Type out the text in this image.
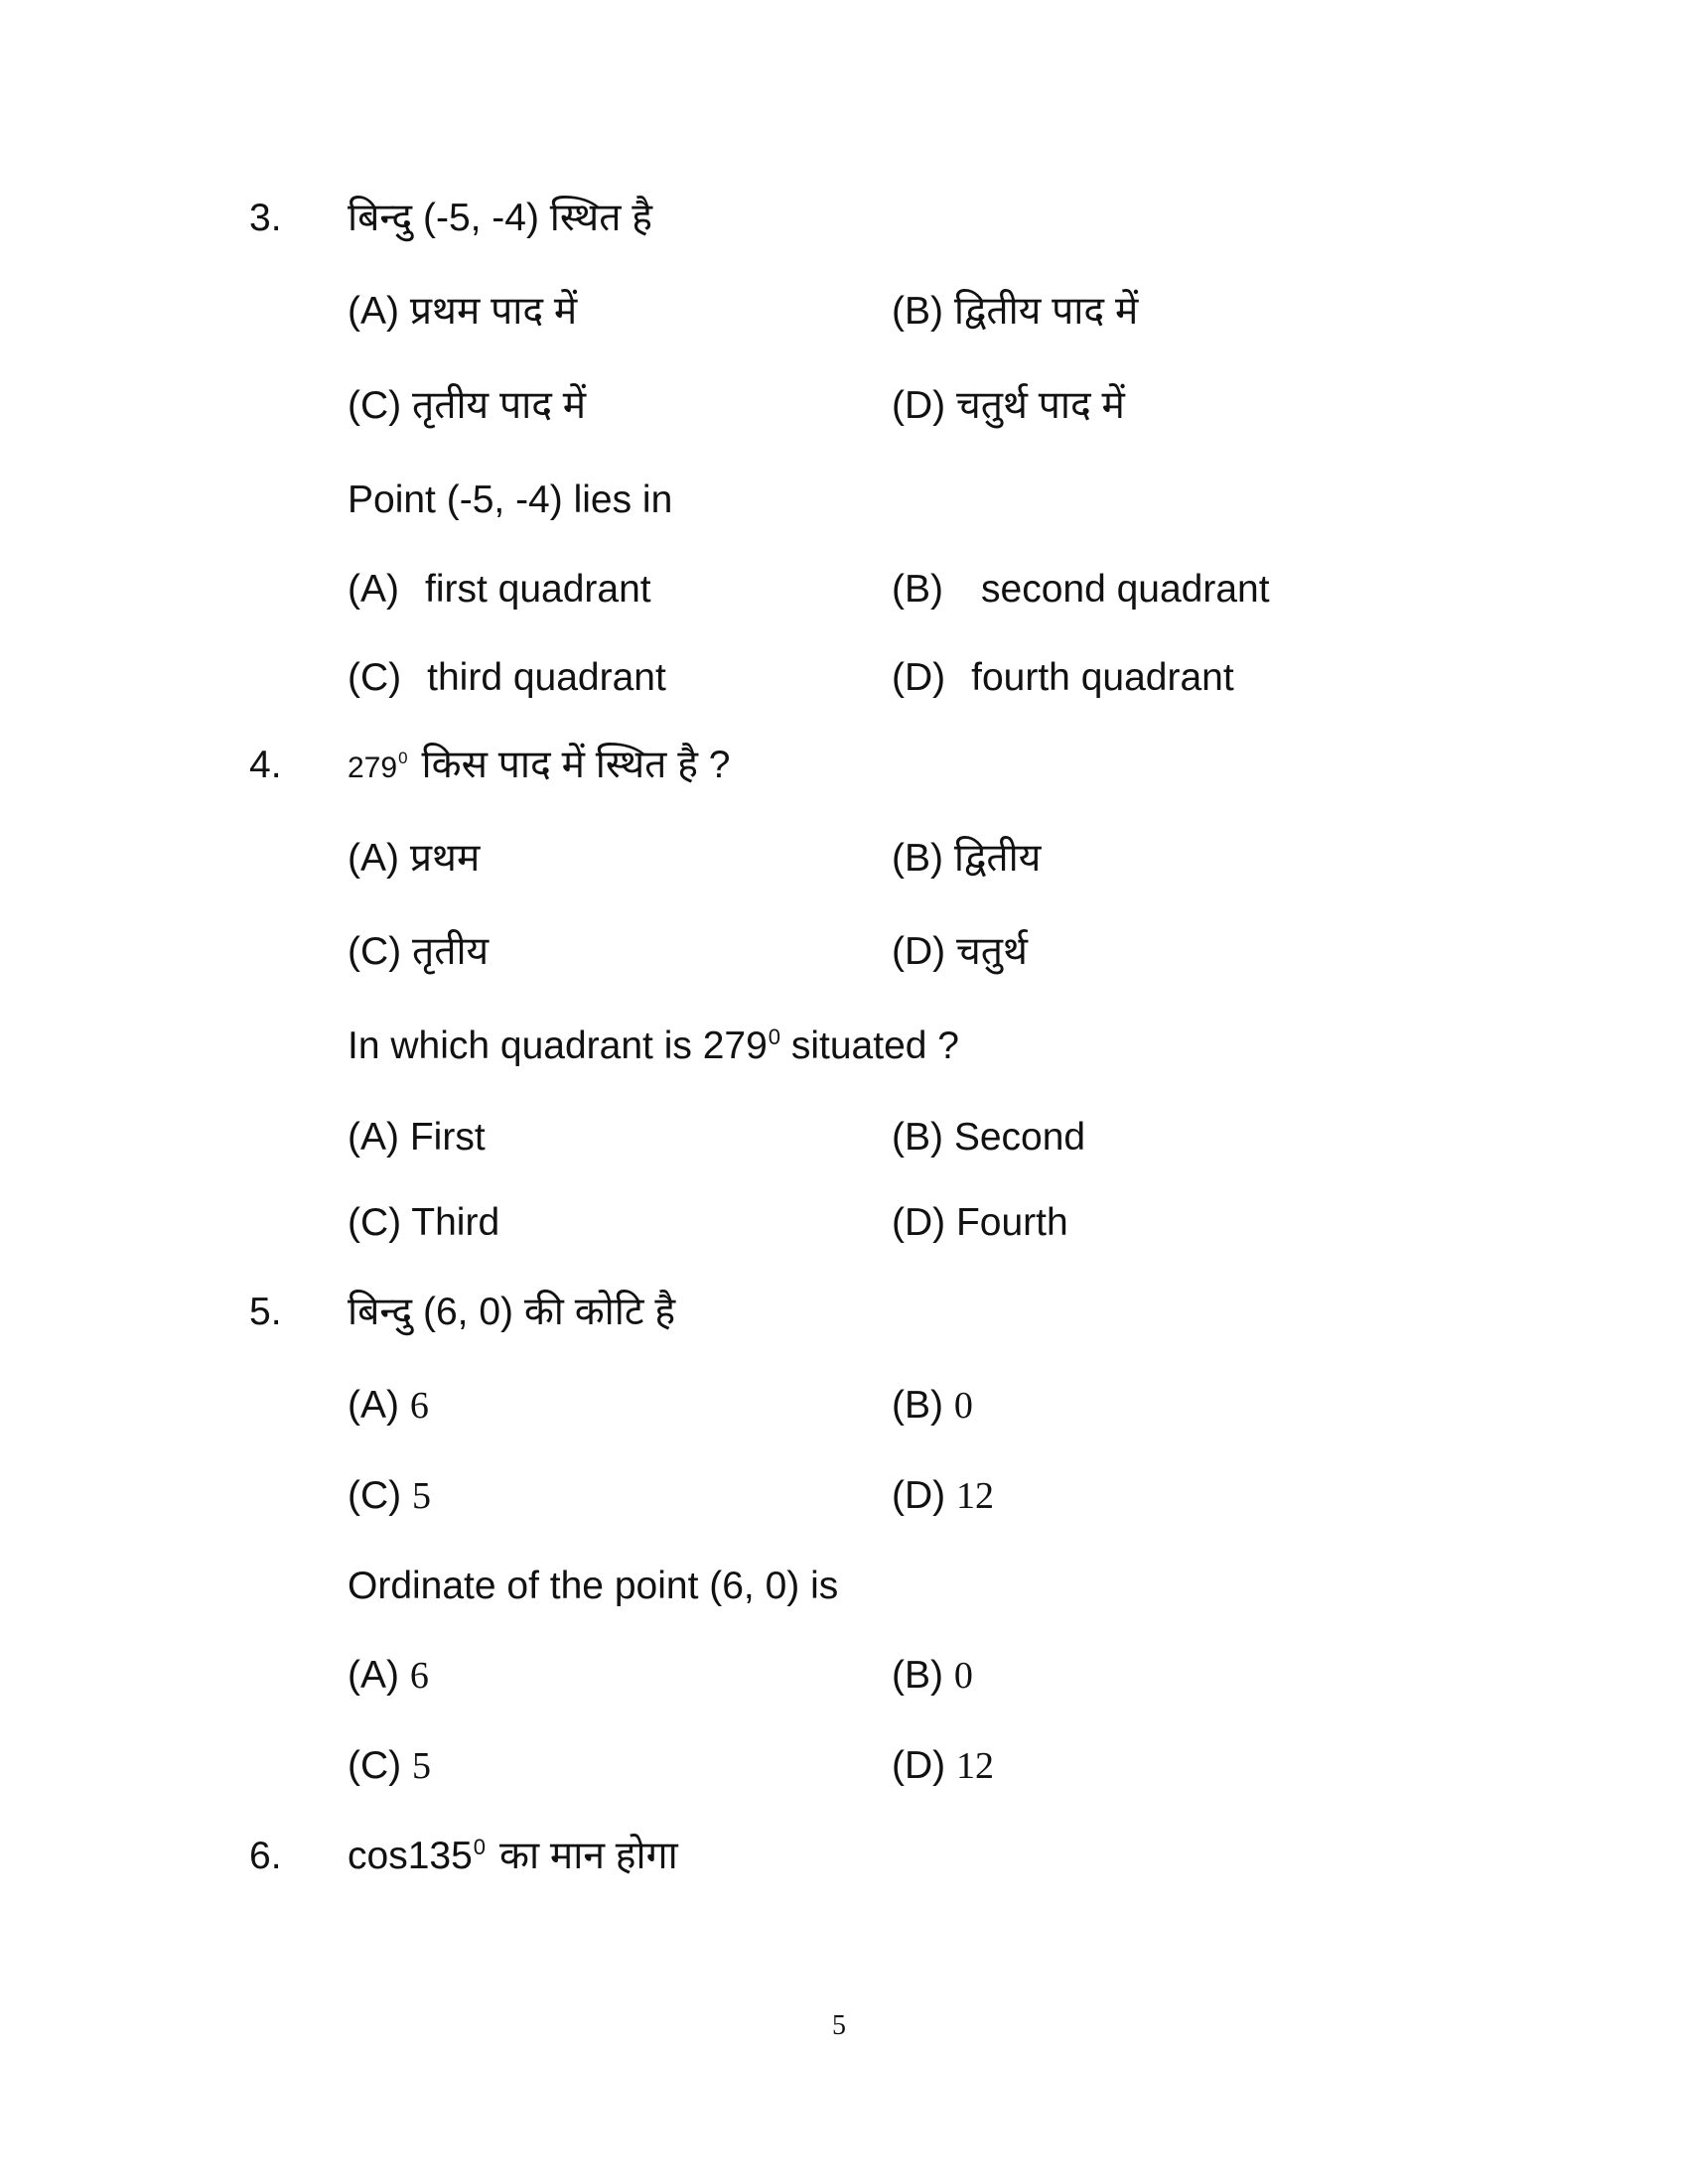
3. बिन्दु (-5, -4) स्थित है
(A) प्रथम पाद में	(B) द्वितीय पाद में
(C) तृतीय पाद में	(D) चतुर्थ पाद में
Point (-5, -4) lies in
(A) first quadrant	(B) second quadrant
(C) third quadrant	(D) fourth quadrant
4. $279^0$ किस पाद में स्थित है ?
(A) प्रथम	(B) द्वितीय
(C) तृतीय	(D) चतुर्थ
In which quadrant is $279^0$ situated ?
(A) First	(B) Second
(C) Third	(D) Fourth
5. बिन्दु (6, 0) की कोटि है
(A) 6	(B) 0
(C) 5	(D) 12
Ordinate of the point (6, 0) is
(A) 6	(B) 0
(C) 5	(D) 12
6. $\cos 135^0$ का मान होगा
5
